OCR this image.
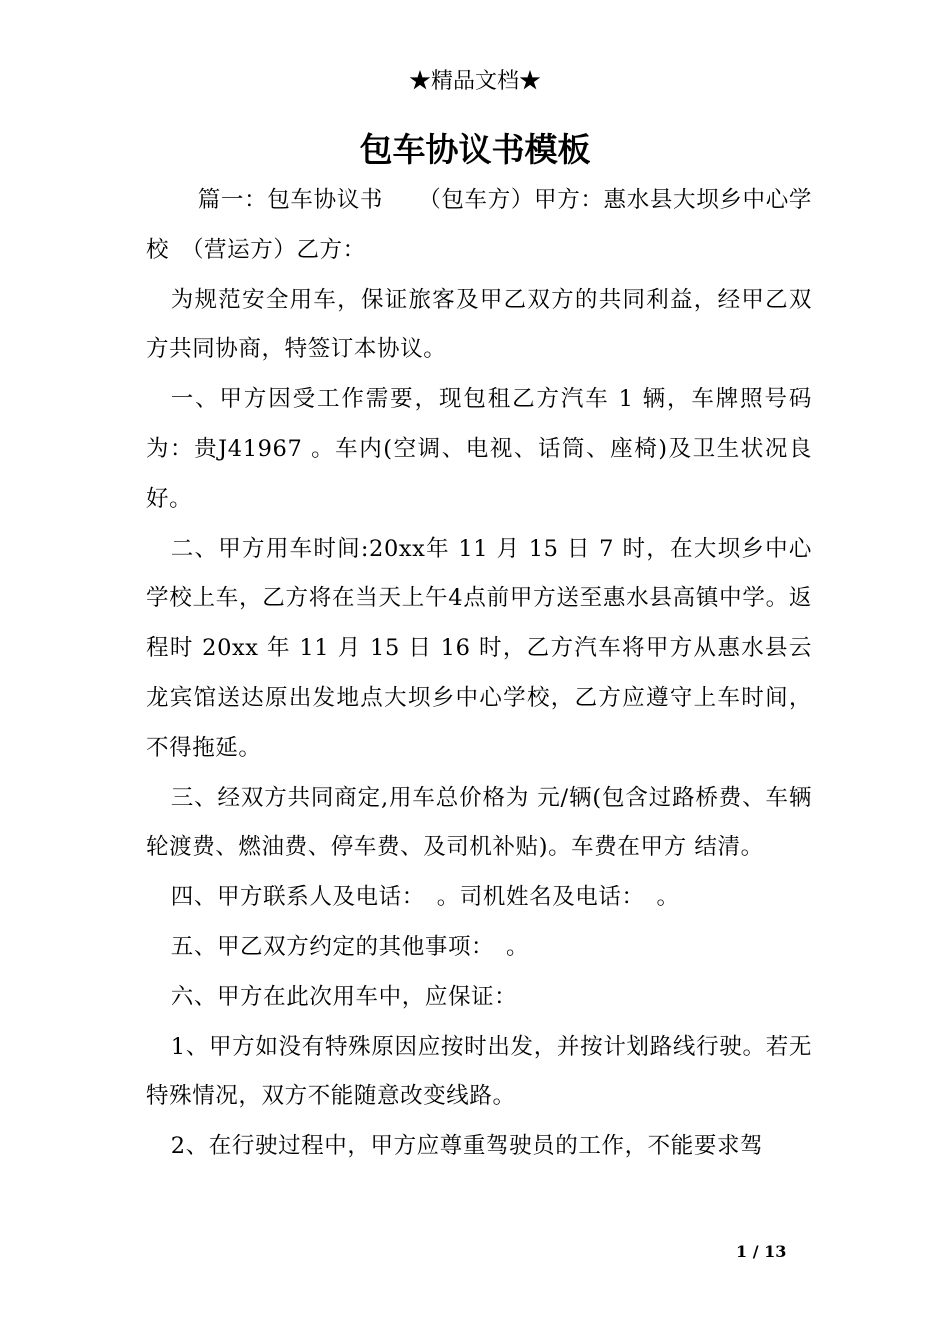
★精品文档★
包车协议书模板

篇一：包车协议书　　（包车方）甲方：惠水县大坝乡中心学校　（营运方）乙方：

为规范安全用车，保证旅客及甲乙双方的共同利益，经甲乙双方共同协商，特签订本协议。

一、甲方因受工作需要，现包租乙方汽车 1 辆，车牌照号码为：贵J41967 。车内(空调、电视、话筒、座椅)及卫生状况良好。

二、甲方用车时间:20xx年 11 月 15 日 7 时，在大坝乡中心学校上车，乙方将在当天上午4点前甲方送至惠水县高镇中学。返程时 20xx 年 11 月 15 日 16 时，乙方汽车将甲方从惠水县云龙宾馆送达原出发地点大坝乡中心学校，乙方应遵守上车时间，不得拖延。

三、经双方共同商定,用车总价格为 元/辆(包含过路桥费、车辆轮渡费、燃油费、停车费、及司机补贴)。车费在甲方 结清。

四、甲方联系人及电话：　。司机姓名及电话：　。

五、甲乙双方约定的其他事项：　。

六、甲方在此次用车中，应保证：

1、甲方如没有特殊原因应按时出发，并按计划路线行驶。若无特殊情况，双方不能随意改变线路。

2、在行驶过程中，甲方应尊重驾驶员的工作，不能要求驾

1 / 13
